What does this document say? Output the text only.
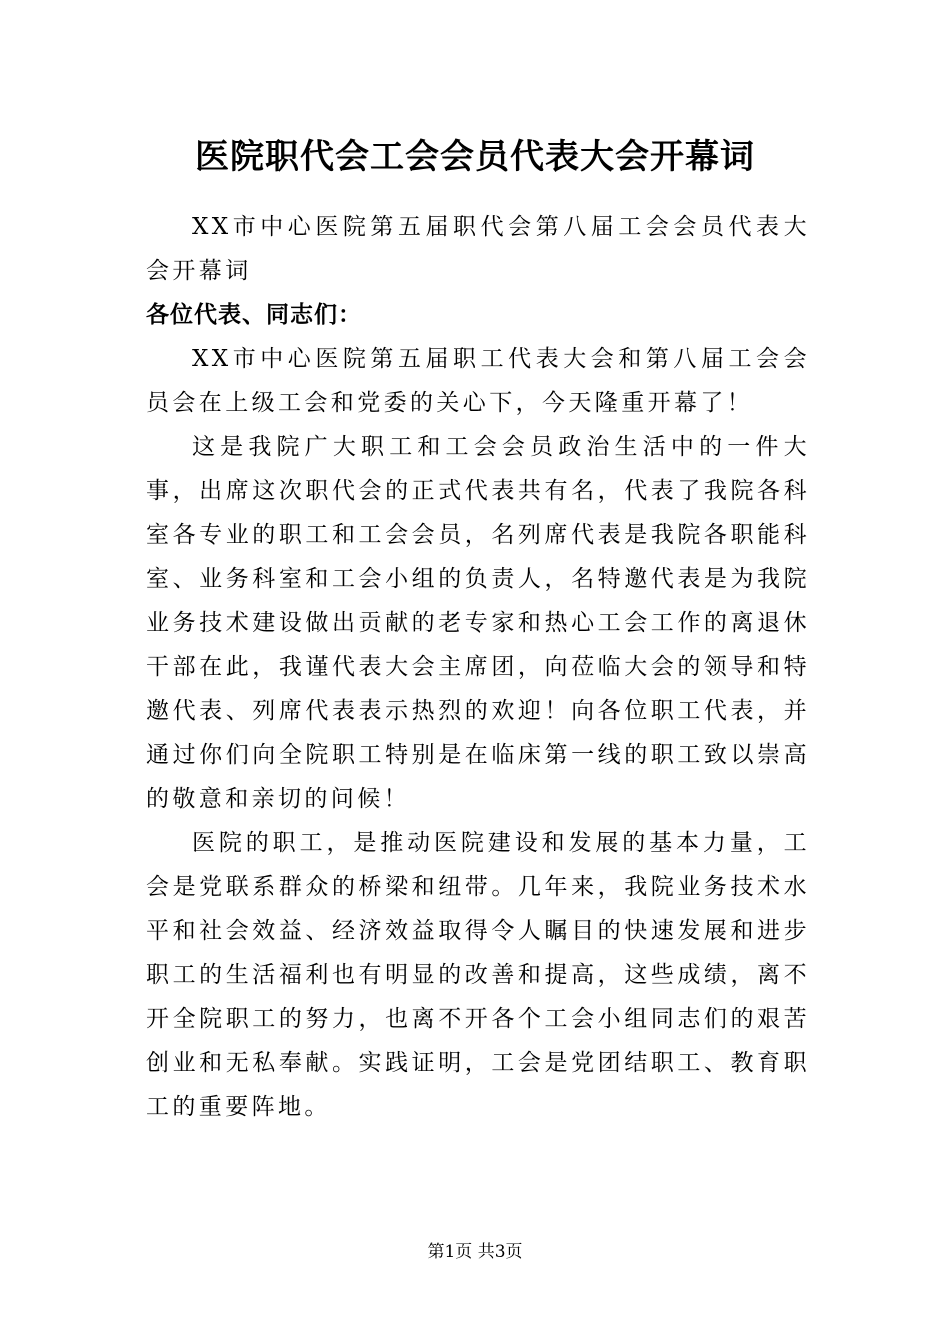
医院职代会工会会员代表大会开幕词

XX市中心医院第五届职代会第八届工会会员代表大会开幕词

各位代表、同志们：

XX市中心医院第五届职工代表大会和第八届工会会员会在上级工会和党委的关心下，今天隆重开幕了！

这是我院广大职工和工会会员政治生活中的一件大事，出席这次职代会的正式代表共有名，代表了我院各科室各专业的职工和工会会员，名列席代表是我院各职能科室、业务科室和工会小组的负责人，名特邀代表是为我院业务技术建设做出贡献的老专家和热心工会工作的离退休干部在此，我谨代表大会主席团，向莅临大会的领导和特邀代表、列席代表表示热烈的欢迎！向各位职工代表，并通过你们向全院职工特别是在临床第一线的职工致以崇高的敬意和亲切的问候！

医院的职工，是推动医院建设和发展的基本力量，工会是党联系群众的桥梁和纽带。几年来，我院业务技术水平和社会效益、经济效益取得令人瞩目的快速发展和进步职工的生活福利也有明显的改善和提高，这些成绩，离不开全院职工的努力，也离不开各个工会小组同志们的艰苦创业和无私奉献。实践证明，工会是党团结职工、教育职工的重要阵地。

第1页 共3页
